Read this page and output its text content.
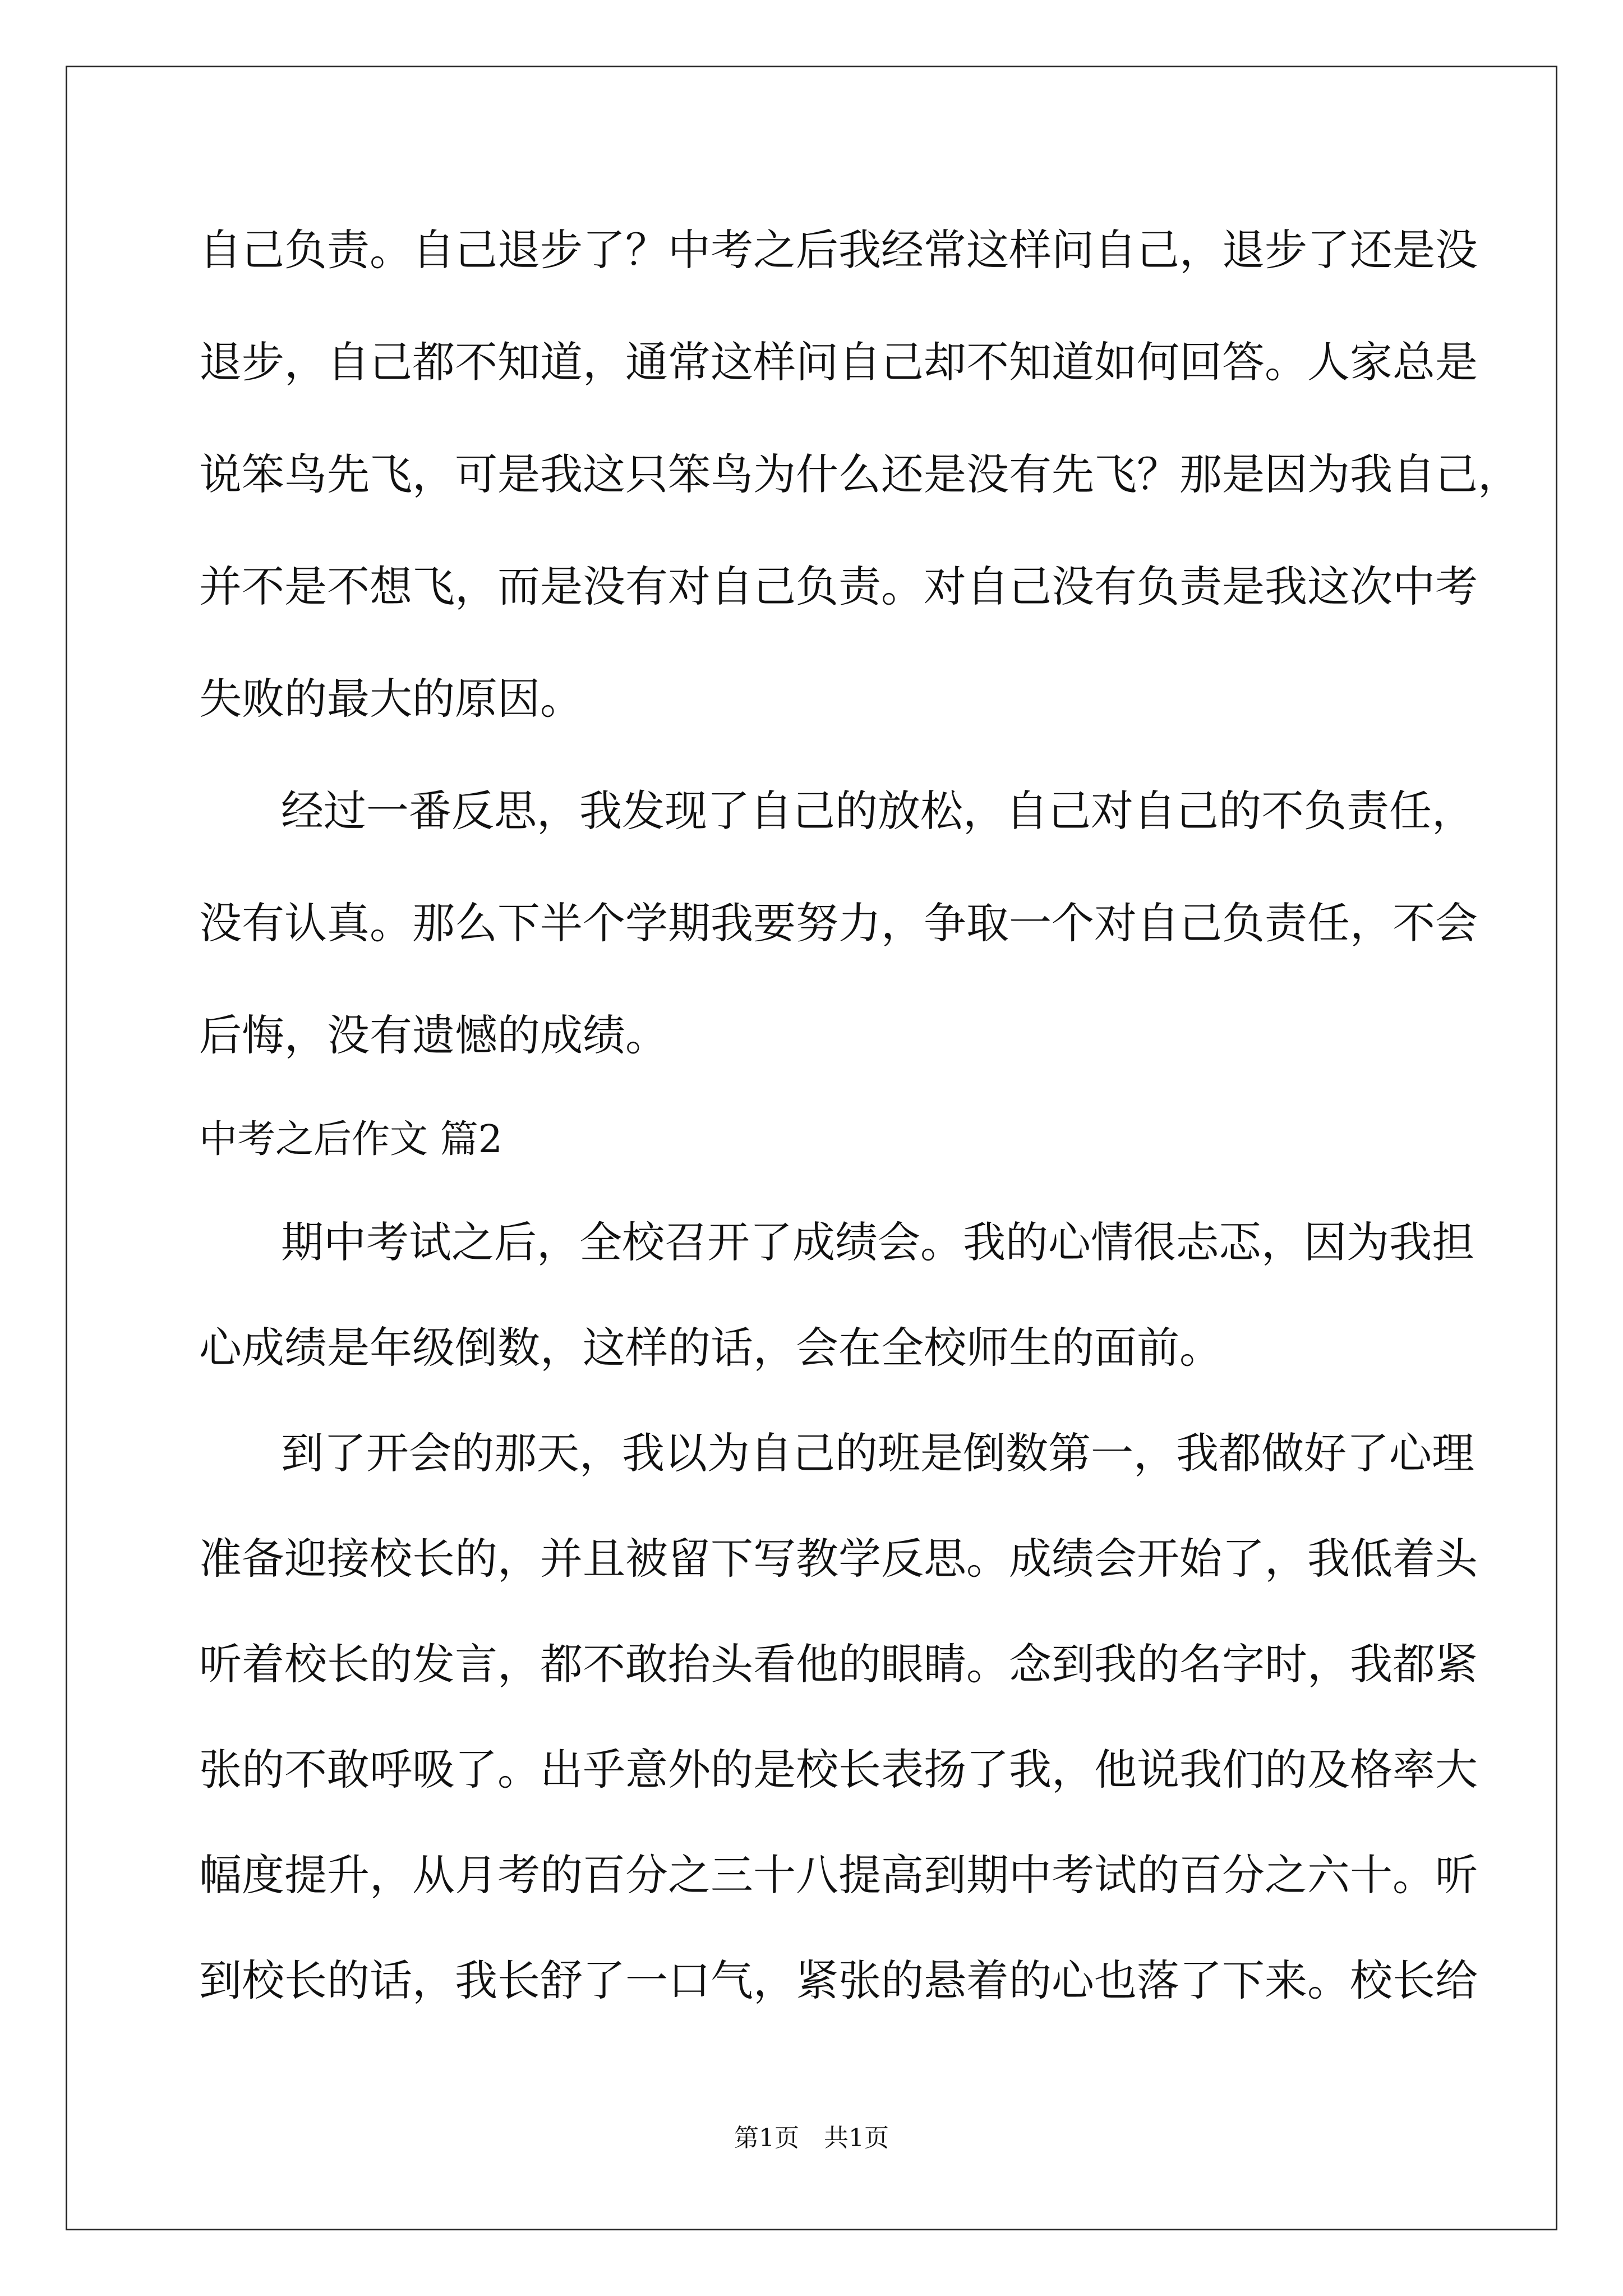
自己负责。自己退步了？中考之后我经常这样问自己，退步了还是没
退步，自己都不知道，通常这样问自己却不知道如何回答。人家总是
说笨鸟先飞，可是我这只笨鸟为什么还是没有先飞？那是因为我自己，
并不是不想飞，而是没有对自己负责。对自己没有负责是我这次中考
失败的最大的原因。
经过一番反思，我发现了自己的放松，自己对自己的不负责任，
没有认真。那么下半个学期我要努力，争取一个对自己负责任，不会
后悔，没有遗憾的成绩。
中考之后作文 篇2
期中考试之后，全校召开了成绩会。我的心情很忐忑，因为我担
心成绩是年级倒数，这样的话，会在全校师生的面前。
到了开会的那天，我以为自己的班是倒数第一，我都做好了心理
准备迎接校长的，并且被留下写教学反思。成绩会开始了，我低着头
听着校长的发言，都不敢抬头看他的眼睛。念到我的名字时，我都紧
张的不敢呼吸了。出乎意外的是校长表扬了我，他说我们的及格率大
幅度提升，从月考的百分之三十八提高到期中考试的百分之六十。听
到校长的话，我长舒了一口气，紧张的悬着的心也落了下来。校长给
第1页　共1页
